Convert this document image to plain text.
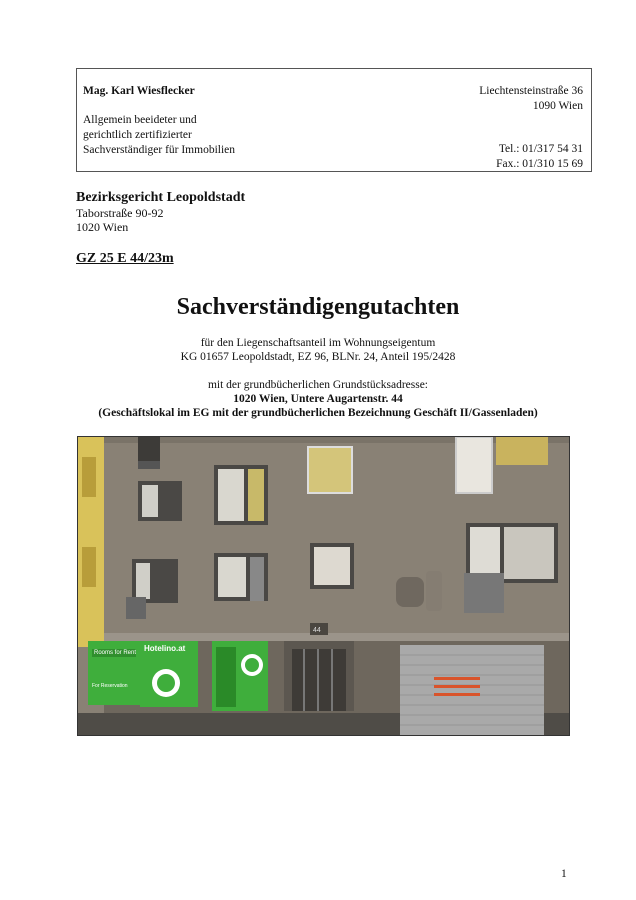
Mag. Karl Wiesflecker
Allgemein beeideter und
gerichtlich zertifizierter
Sachverständiger für Immobilien
Liechtensteinstraße 36
1090 Wien
Tel.: 01/317 54 31
Fax.: 01/310 15 69
Bezirksgericht Leopoldstadt
Taborstraße 90-92
1020 Wien
GZ 25 E 44/23m
Sachverständigengutachten
für den Liegenschaftsanteil im Wohnungseigentum
KG 01657 Leopoldstadt, EZ 96, BLNr. 24, Anteil 195/2428
mit der grundbücherlichen Grundstücksadresse:
1020 Wien, Untere Augartenstr. 44
(Geschäftslokal im EG mit der grundbücherlichen Bezeichnung Geschäft II/Gassenladen)
Rooms for Rent Hotelino.at
For Reservation
44
1
